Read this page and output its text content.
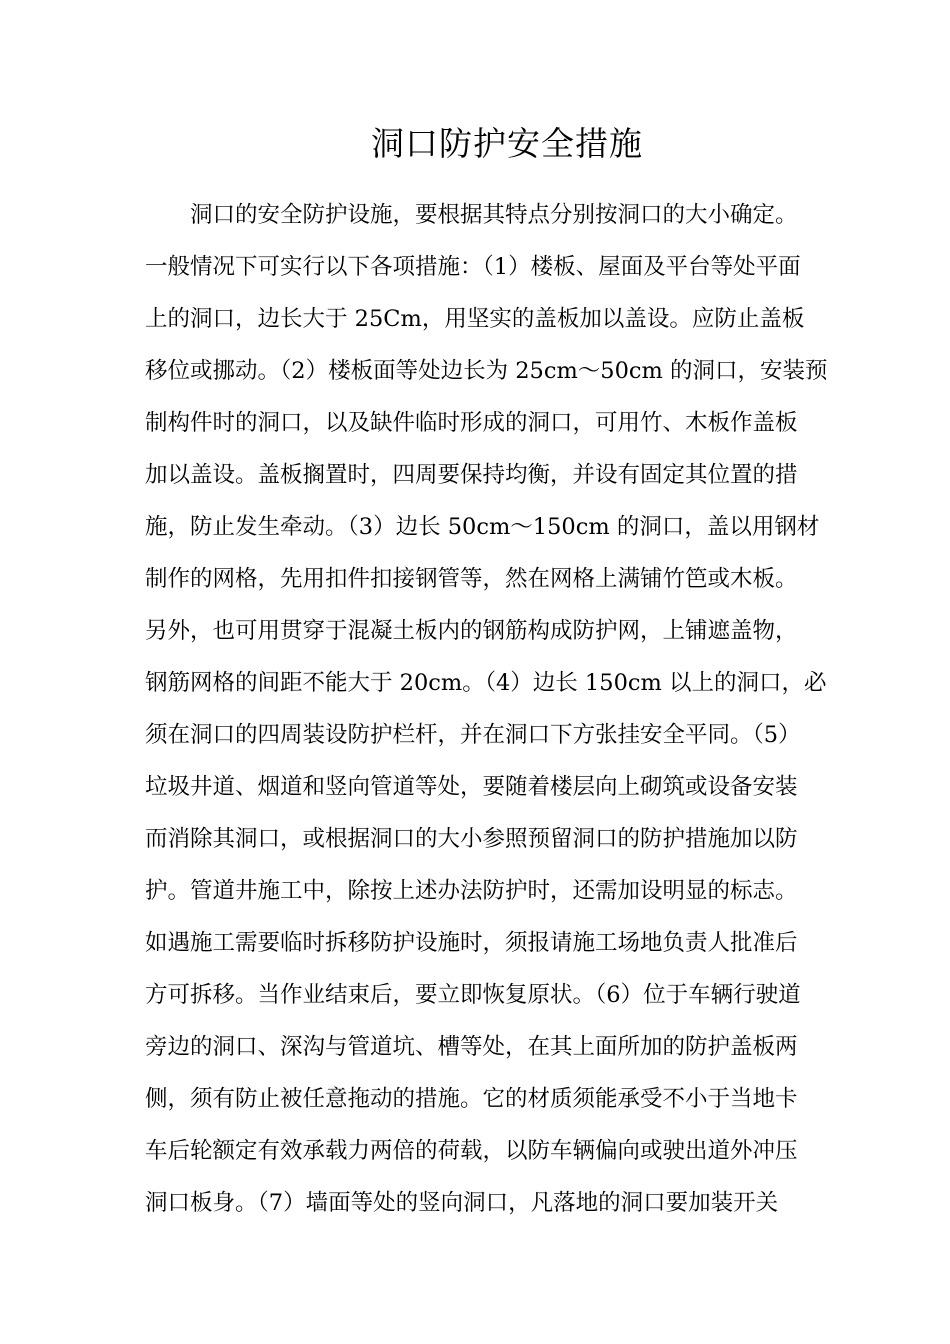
洞口防护安全措施
洞口的安全防护设施，要根据其特点分别按洞口的大小确定。
一般情况下可实行以下各项措施：（1）楼板、屋面及平台等处平面
上的洞口，边长大于 25Cm，用坚实的盖板加以盖设。应防止盖板
移位或挪动。（2）楼板面等处边长为 25cm～50cm 的洞口，安装预
制构件时的洞口，以及缺件临时形成的洞口，可用竹、木板作盖板
加以盖设。盖板搁置时，四周要保持均衡，并设有固定其位置的措
施，防止发生牵动。（3）边长 50cm～150cm 的洞口，盖以用钢材
制作的网格，先用扣件扣接钢管等，然在网格上满铺竹笆或木板。
另外，也可用贯穿于混凝土板内的钢筋构成防护网，上铺遮盖物，
钢筋网格的间距不能大于 20cm。（4）边长 150cm 以上的洞口，必
须在洞口的四周装设防护栏杆，并在洞口下方张挂安全平同。（5）
垃圾井道、烟道和竖向管道等处，要随着楼层向上砌筑或设备安装
而消除其洞口，或根据洞口的大小参照预留洞口的防护措施加以防
护。管道井施工中，除按上述办法防护时，还需加设明显的标志。
如遇施工需要临时拆移防护设施时，须报请施工场地负责人批准后
方可拆移。当作业结束后，要立即恢复原状。（6）位于车辆行驶道
旁边的洞口、深沟与管道坑、槽等处，在其上面所加的防护盖板两
侧，须有防止被任意拖动的措施。它的材质须能承受不小于当地卡
车后轮额定有效承载力两倍的荷载，以防车辆偏向或驶出道外冲压
洞口板身。（7）墙面等处的竖向洞口，凡落地的洞口要加装开关
